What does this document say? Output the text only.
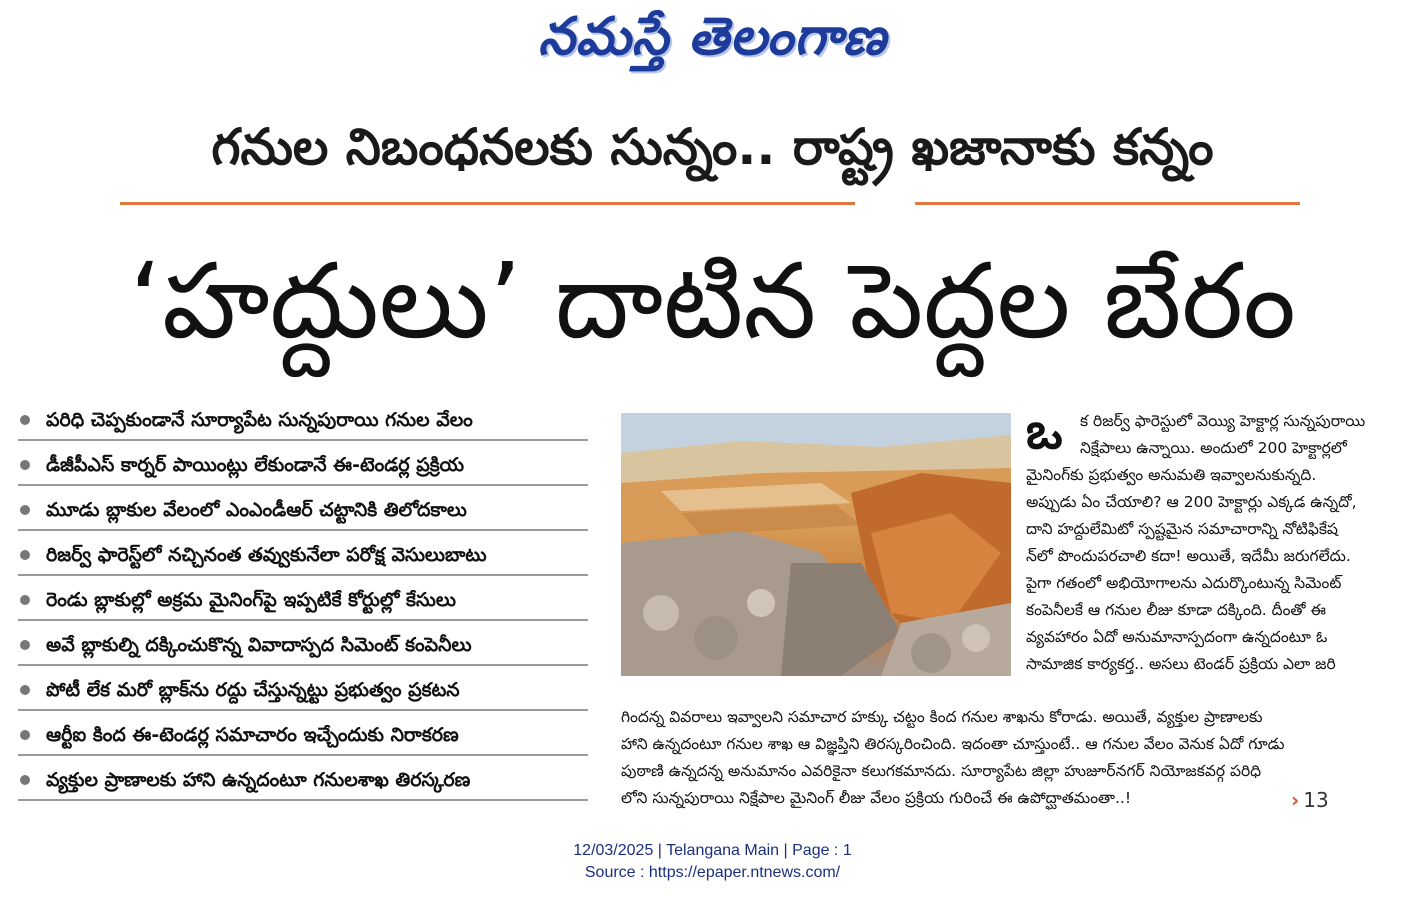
నమస్తే తెలంగాణ
గనుల నిబంధనలకు సున్నం.. రాష్ట్ర ఖజానాకు కన్నం
‘హద్దులు’ దాటిన పెద్దల బేరం
పరిధి చెప్పకుండానే సూర్యాపేట సున్నపురాయి గనుల వేలం
డీజీపీఎస్ కార్నర్ పాయింట్లు లేకుండానే ఈ-టెండర్ల ప్రక్రియ
మూడు బ్లాకుల వేలంలో ఎంఎండీఆర్ చట్టానికి తిలోదకాలు
రిజర్వ్ ఫారెస్ట్‌లో నచ్చినంత తవ్వుకునేలా పరోక్ష వెసులుబాటు
రెండు బ్లాకుల్లో అక్రమ మైనింగ్‌పై ఇప్పటికే కోర్టుల్లో కేసులు
అవే బ్లాకుల్ని దక్కించుకొన్న వివాదాస్పద సిమెంట్ కంపెనీలు
పోటీ లేక మరో బ్లాక్‌ను రద్దు చేస్తున్నట్టు ప్రభుత్వం ప్రకటన
ఆర్టీఐ కింద ఈ-టెండర్ల సమాచారం ఇచ్చేందుకు నిరాకరణ
వ్యక్తుల ప్రాణాలకు హాని ఉన్నదంటూ గనులశాఖ తిరస్కరణ
ఒ	క రిజర్వ్ ఫారెస్టులో వెయ్యి హెక్టార్ల సున్నపురాయి
నిక్షేపాలు ఉన్నాయి. అందులో 200 హెక్టార్లలో
మైనింగ్‌కు ప్రభుత్వం అనుమతి ఇవ్వాలనుకున్నది.
అప్పుడు ఏం చేయాలి? ఆ 200 హెక్టార్లు ఎక్కడ ఉన్నదో,
దాని హద్దులేమిటో స్పష్టమైన సమాచారాన్ని నోటిఫికేష
న్‌లో పొందుపరచాలి కదా! అయితే, ఇదేమీ జరుగలేదు.
పైగా గతంలో అభియోగాలను ఎదుర్కొంటున్న సిమెంట్
కంపెనీలకే ఆ గనుల లీజు కూడా దక్కింది. దీంతో ఈ
వ్యవహారం ఏదో అనుమానాస్పదంగా ఉన్నదంటూ ఓ
సామాజిక కార్యకర్త.. అసలు టెండర్ ప్రక్రియ ఎలా జరి
గిందన్న వివరాలు ఇవ్వాలని సమాచార హక్కు చట్టం కింద గనుల శాఖను కోరాడు. అయితే, వ్యక్తుల ప్రాణాలకు
హాని ఉన్నదంటూ గనుల శాఖ ఆ విజ్ఞప్తిని తిరస్కరించింది. ఇదంతా చూస్తుంటే.. ఆ గనుల వేలం వెనుక ఏదో గూడు
పుఠాణి ఉన్నదన్న అనుమానం ఎవరికైనా కలుగకమానదు. సూర్యాపేట జిల్లా హుజూర్‌నగర్ నియోజకవర్గ పరిధి
లోని సున్నపురాయి నిక్షేపాల మైనింగ్ లీజు వేలం ప్రక్రియ గురించే ఈ ఉపోద్ఘాతమంతా..!	› 13
12/03/2025 | Telangana Main | Page : 1
Source : https://epaper.ntnews.com/
